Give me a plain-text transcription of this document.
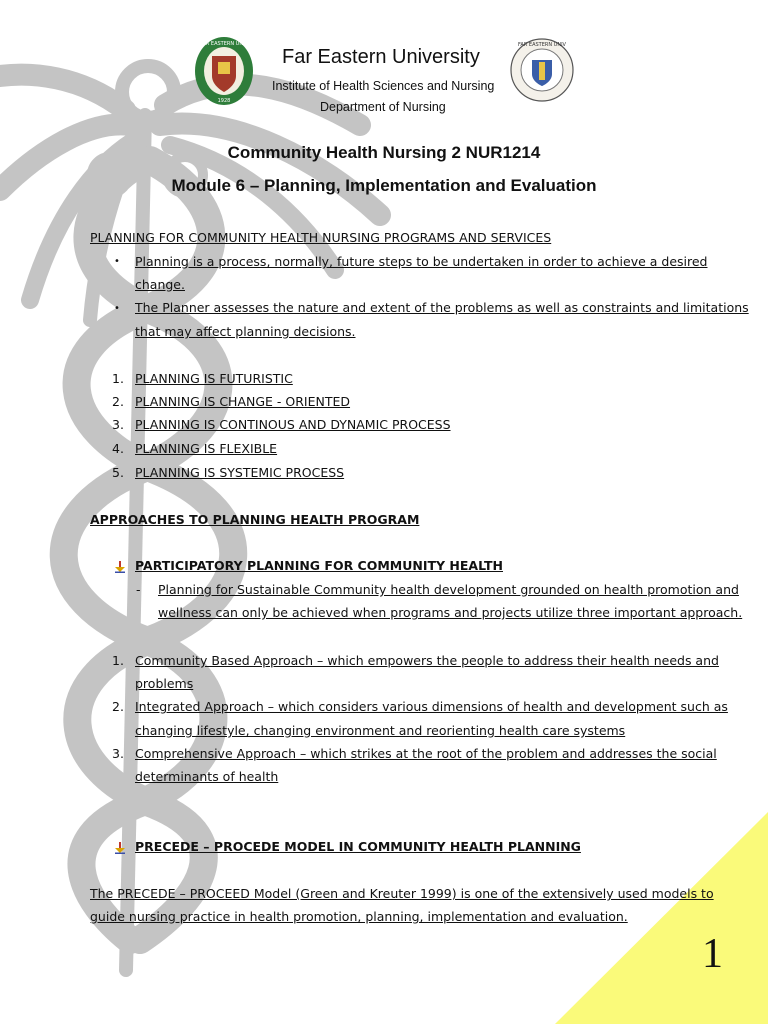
FAR EASTERN UNIV
1928
FAR EASTERN UNIV
Far Eastern University
Institute of Health Sciences and Nursing
Department of Nursing
Community Health Nursing 2 NUR1214
Module 6 – Planning, Implementation and Evaluation
PLANNING FOR COMMUNITY HEALTH NURSING PROGRAMS AND SERVICES
• Planning is a process, normally, future steps to be undertaken in order to achieve a desired
change.
• The Planner assesses the nature and extent of the problems as well as constraints and limitations
that may affect planning decisions.
1. PLANNING IS FUTURISTIC
2. PLANNING IS CHANGE - ORIENTED
3. PLANNING IS CONTINOUS AND DYNAMIC PROCESS
4. PLANNING IS FLEXIBLE
5. PLANNING IS SYSTEMIC PROCESS
APPROACHES TO PLANNING HEALTH PROGRAM
PARTICIPATORY PLANNING FOR COMMUNITY HEALTH
- Planning for Sustainable Community health development grounded on health promotion and
wellness can only be achieved when programs and projects utilize three important approach.
1. Community Based Approach – which empowers the people to address their health needs and
problems
2. Integrated Approach – which considers various dimensions of health and development such as
changing lifestyle, changing environment and reorienting health care systems
3. Comprehensive Approach – which strikes at the root of the problem and addresses the social
determinants of health
PRECEDE – PROCEDE MODEL IN COMMUNITY HEALTH PLANNING
The PRECEDE – PROCEED Model (Green and Kreuter 1999) is one of the extensively used models to
guide nursing practice in health promotion, planning, implementation and evaluation.
1
